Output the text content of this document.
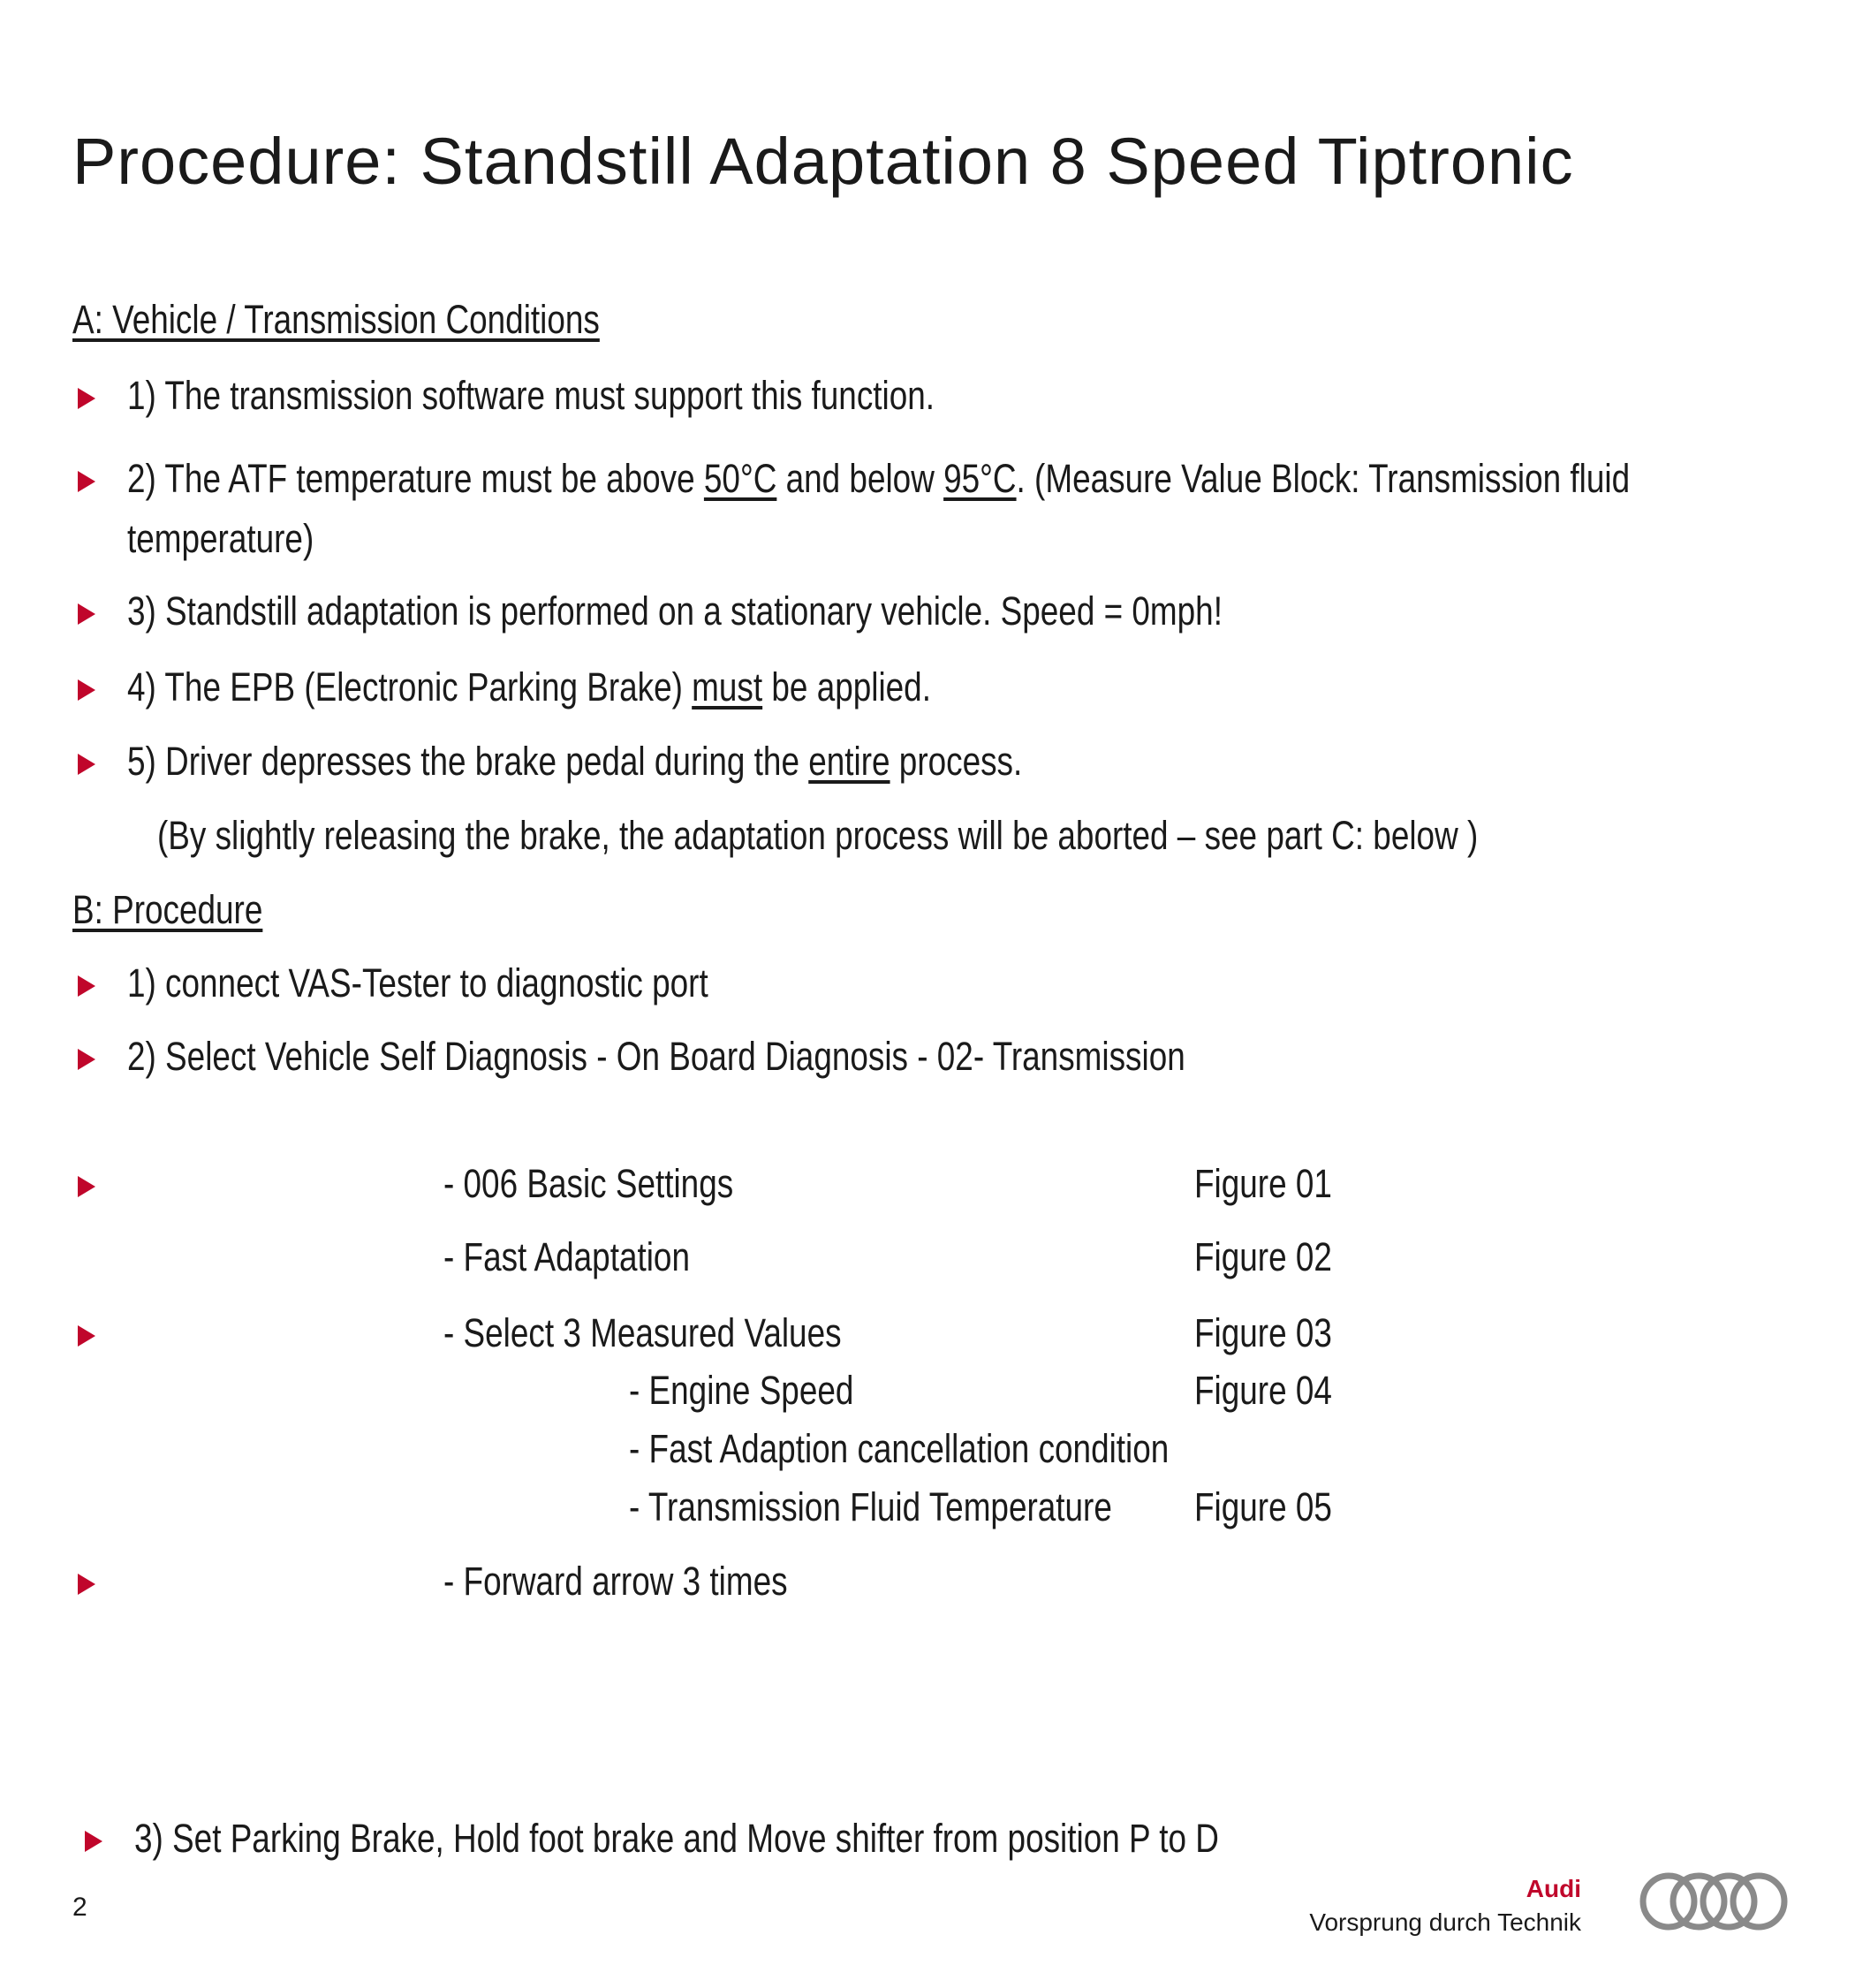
Procedure: Standstill Adaptation 8 Speed Tiptronic
A: Vehicle / Transmission Conditions
1) The transmission software must support this function.
2) The ATF temperature must be above 50°C and below 95°C. (Measure Value Block: Transmission fluid
temperature)
3) Standstill adaptation is performed on a stationary vehicle. Speed = 0mph!
4) The EPB (Electronic Parking Brake) must be applied.
5) Driver depresses the brake pedal during the entire process.
(By slightly releasing the brake, the adaptation process will be aborted – see part C: below )
B: Procedure
1) connect VAS-Tester to diagnostic port
2) Select Vehicle Self Diagnosis - On Board Diagnosis - 02- Transmission
- 006 Basic Settings	Figure 01
- Fast Adaptation	Figure 02
- Select 3 Measured Values	Figure 03
- Engine Speed	Figure 04
- Fast Adaption cancellation condition
- Transmission Fluid Temperature Figure 05
- Forward arrow 3 times
3) Set Parking Brake, Hold foot brake and Move shifter from position P to D
2
Audi
Vorsprung durch Technik
